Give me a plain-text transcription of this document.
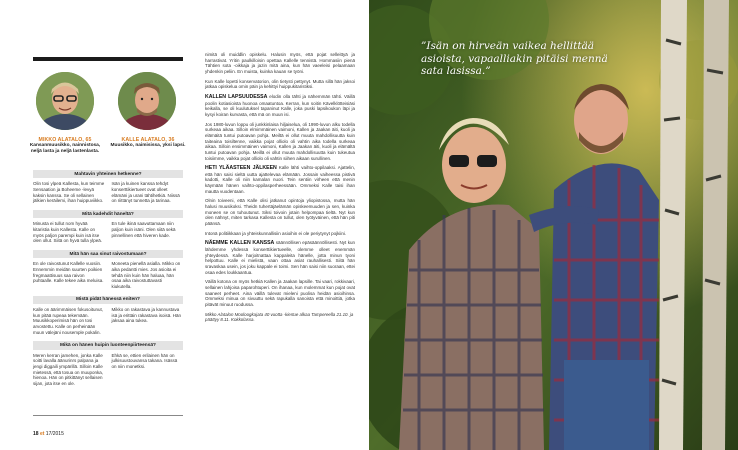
MIKKO ALATALO, 65
Kansanmuusikko, nainnistosa, neljä lasta ja neljä lastenlasta.
KALLE ALATALO, 36
Muusikko, naimisissa, yksi lapsi.
Mahtavin yhteinen hetkenne?
Olin tosi ylpeä Kallesta, kun teimme Sensaation ja Boheeme -levyä kaksin kanssa. Se oli sellainen jälkien keräilemi, ihan huippuviikko.
Isän ja kuinen kanssa tehdyt konserttikiertueet ovat olleet elämäni ja urani tähtihetkiä. Niissä on riittänyt tunnetta ja tarinaa.
Mitä kadehdit häneltä?
Minusta ei tullut nom hyvää kitaristia kuin Kallesta. Kalle on myös paljon parempi kuin isä itse olen ollut. Siitä on hyvä tulla ylpeä.
En tule ikinä saavuttamaan niin paljon kuin isäni. Olen siitä sekä pinnellinen että hiveren kade.
Mitä hän saa sinut raivostumaan?
En ole raivostunut Kallelle vuosiin. Ennemmin meidän suurten poikien fregmaattisuus saa raivon puhtaalle. Kalle tekee aika meluisa.
Moneeta pienellä asialla. Mikko on aika pedantti mies. Jos asioita ei tehdä niin kuin hän haluaa, hän osaa aika raivostuttavasti kiukutella.
Mistä pidät hänessä eniten?
Kalle on äärimmäisen fokusoitunut, kun pitää rupeaa tekemään. Muusikkoperimisä hän on tosi arvostettu. Kalle on perheinään muun välejäni nousemple pokalin.
Mikko on rakastava ja kannustava isä ja erittäin rakastava isoisä. Hän jaksaa aina tukea.
Mikä on hänen huipin luonteenpiirteensä?
Meren kerran jamehen, jonka Kalle soitti lavalla äänurinrs palpana ja jengi diggaili ympärillä. Silloin Kalle mietessä, että tosua on muuponka, hienoa. Hän on pitkittänyt sellaisen sijan, jota itse en ole.
Ehkä se, ettien erilainen hän on julkisuustouvansa takana. Isässä on niin monetksi.
18 et 17/2015

nimitä oli muiddlin opiskelu. Halusin myös, että pojat selleittyä ja harrastivat. Yritin paulkilloisin opettaa Kallelle tennistä. Hommasiin pienä Tähtien sota -oikkaja ja jazin mitä aina, kun hän vaeeleisi pelaamaan yhdenkin peliin. En muista, kuinka kauan se työni.

Kun Kalle lopetti konservatorion, olin tietysti pettynyt. Mutta sillä hän jaksoi jatkaa opiskelua omin päin ja kehittyi huippukitaristiksi.

KALLEN LAPSUUDESSA elodin olla tähti ja nähemmän tähti. Väillä poolin kotiasioista huonoa omaatuntoa. Kerran, kun soitin Kävelklötteisiäsi keikalla, se oli kuulutuksel tapaninut Kalle, joka puski lapsikoukon läpi ja kysyi koiran kurvasta, että mä on muun isi.

Jos 1980-luvun loppu oli junkkinlaisa hiljaiselua, oli 1990-luvun alku todella surkeaa aikaa. Silloin elmimmäinen vaimoni, Kallen ja Jaakan äiti, kuoli ja elämäitä tuntui putoavan pohja. Meiltä ei ollut muuta mahdollisuutta kuin taiteaina toisiltenne, vaikka pojat olliolo oli vahtin aika todella surkeaa aikaa. Silloin ensimmäinen vaimoni, Kallen ja Jaakan äiti, kuoli ja elämältä tuntui putoavan pohja. Meillä ei ollut muuta mahdollisuutta kuin tukeutua toisiimme, vaikka pojat olliolo oli vahtin siihen aikaan surullinen.

HETI YLÄASTEEN JÄLKEEN Kalle lähti vaihto-oppilaaksi. Ajattelin, että hän saisi sieltä uutta ajattelevaa elämään. Jossain vaiheessa pistivä kadotti, Kalle oli niin kamalan nuori. Tein sentiin virheen että menin käymään hänen vaihto-oppilasperheessään. Ommeksi Kalle taisi ihan mautta vuodentaan.

Olnin toiveeni, että Kalle olisi jatkanut opintoja yliopistossa, mutta hän halusi muusikoksi. Theidn tuhertäjäelämän opiskeemuuden ja sen, kuinka moneen se on tuhoutunut. Siksi toivoin jotain helpompaa tieltä. Nyt kun olen nähnyt, miten tarkasa Kallesta on tullut, olen työtyväinen, että hän piti päänsä.

Intonä politiikkaan ja yhteiskunnallisiin asioihin ei ole periytynyt pojkiini.

NÄEMME KALLEN KANSSA säännöllisen epäsäännöllisesti. Nyt kun lähdemme yhdessä konserttikiertueelle, olemme olleet enemmän yhteydessä. Kalle harjoitnattaa kappaleita hänelle, jotta minun tyoni helpottuu. Kalle ei mielistä, vaan ottaa asiat rauhallisesti. Siitä hän sravaskaa usein, jos joku kappale ei toimi. Sen hän saisi niin suoraan, ettei osaa edes loukkaantua.

Väillä kotona on myös hetkiä Kallen ja Jaakan lapsille. Tai vaari, rokkivaari, sellainen lahjoisa paparohtuperi. On ihanaa, kun molemmat kun pojat ovat saaneet perheet. Aina väillä tulevat mieleni puolisa heidän asioihinsa. Ommeksi minua on sivuuttu sekä rapukalla sanoista että minoittiä, jotka pitävät minuut ruodussa.

Mikko Alatalon Mooloogkajata 40 vuotta -kiertue alkaa Tampereella 21.10. ja päättyy 8.11. Kokkolassa.

”Isän on hirveän vaikea hellittää asioista, vapaalliakin pitäisi mennä sata lasissa.”
